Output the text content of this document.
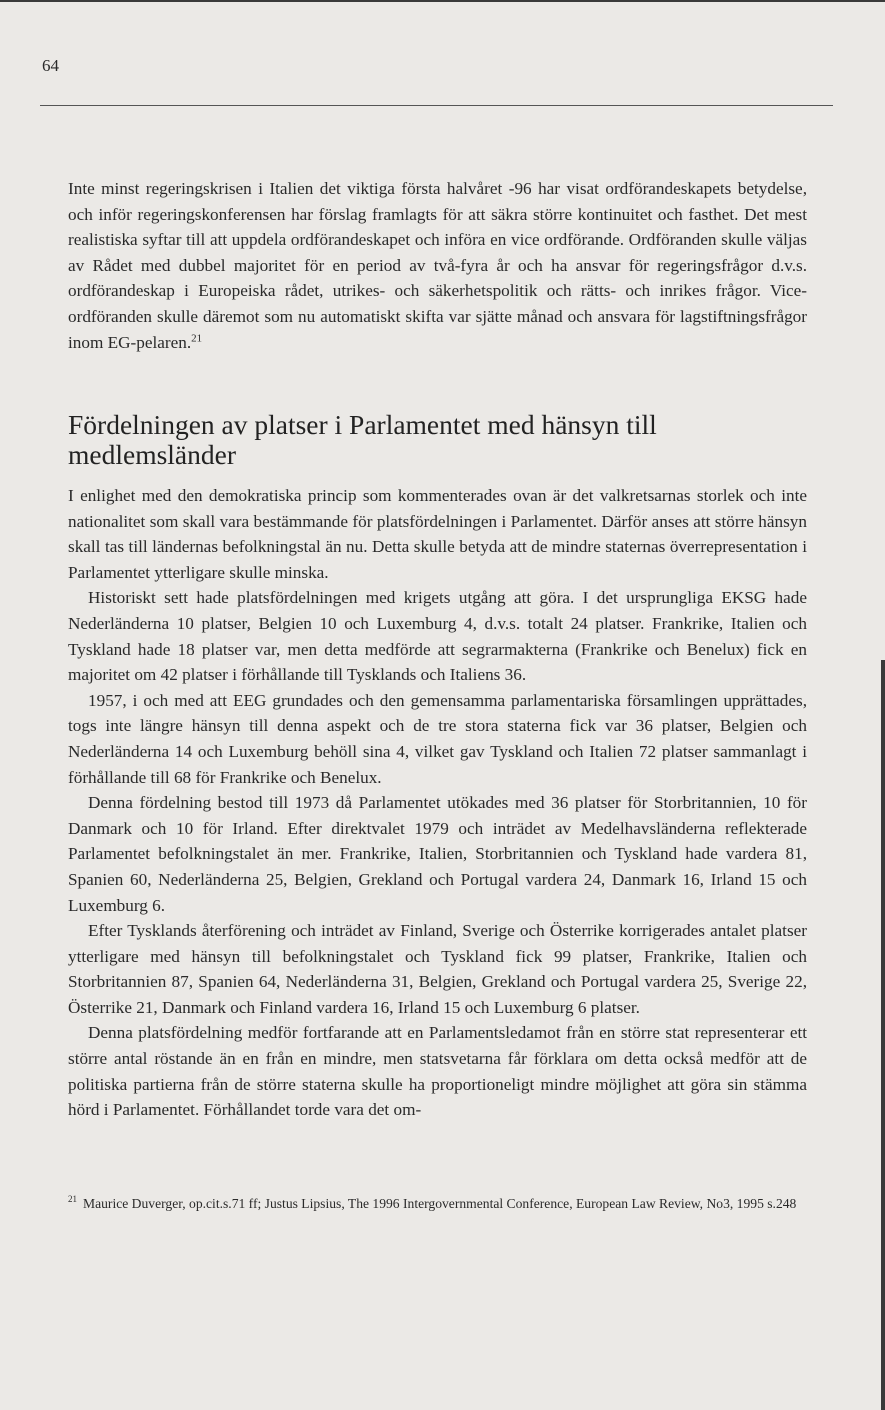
64

Inte minst regeringskrisen i Italien det viktiga första halvåret -96 har visat ordförandeskapets betydelse, och inför regeringskonferensen har förslag framlagts för att säkra större kontinuitet och fasthet. Det mest realistiska syftar till att uppdela ordförandeskapet och införa en vice ordförande. Ordföranden skulle väljas av Rådet med dubbel majoritet för en period av två-fyra år och ha ansvar för regeringsfrågor d.v.s. ordförandeskap i Europeiska rådet, utrikes- och säkerhetspolitik och rätts- och inrikes frågor. Vice-ordföranden skulle däremot som nu automatiskt skifta var sjätte månad och ansvara för lagstiftningsfrågor inom EG-pelaren.$^{21}$

Fördelningen av platser i Parlamentet med hänsyn till medlemsländer

I enlighet med den demokratiska princip som kommenterades ovan är det valkretsarnas storlek och inte nationalitet som skall vara bestämmande för platsfördelningen i Parlamentet. Därför anses att större hänsyn skall tas till ländernas befolkningstal än nu. Detta skulle betyda att de mindre staternas överrepresentation i Parlamentet ytterligare skulle minska.

Historiskt sett hade platsfördelningen med krigets utgång att göra. I det ursprungliga EKSG hade Nederländerna 10 platser, Belgien 10 och Luxemburg 4, d.v.s. totalt 24 platser. Frankrike, Italien och Tyskland hade 18 platser var, men detta medförde att segrarmakterna (Frankrike och Benelux) fick en majoritet om 42 platser i förhållande till Tysklands och Italiens 36.

1957, i och med att EEG grundades och den gemensamma parlamentariska församlingen upprättades, togs inte längre hänsyn till denna aspekt och de tre stora staterna fick var 36 platser, Belgien och Nederländerna 14 och Luxemburg behöll sina 4, vilket gav Tyskland och Italien 72 platser sammanlagt i förhållande till 68 för Frankrike och Benelux.

Denna fördelning bestod till 1973 då Parlamentet utökades med 36 platser för Storbritannien, 10 för Danmark och 10 för Irland. Efter direktvalet 1979 och inträdet av Medelhavsländerna reflekterade Parlamentet befolkningstalet än mer. Frankrike, Italien, Storbritannien och Tyskland hade vardera 81, Spanien 60, Nederländerna 25, Belgien, Grekland och Portugal vardera 24, Danmark 16, Irland 15 och Luxemburg 6.

Efter Tysklands återförening och inträdet av Finland, Sverige och Österrike korrigerades antalet platser ytterligare med hänsyn till befolkningstalet och Tyskland fick 99 platser, Frankrike, Italien och Storbritannien 87, Spanien 64, Nederländerna 31, Belgien, Grekland och Portugal vardera 25, Sverige 22, Österrike 21, Danmark och Finland vardera 16, Irland 15 och Luxemburg 6 platser.

Denna platsfördelning medför fortfarande att en Parlamentsledamot från en större stat representerar ett större antal röstande än en från en mindre, men statsvetarna får förklara om detta också medför att de politiska partierna från de större staterna skulle ha proportioneligt mindre möjlighet att göra sin stämma hörd i Parlamentet. Förhållandet torde vara det om-

$^{21}$ Maurice Duverger, op.cit.s.71 ff; Justus Lipsius, The 1996 Intergovernmental Conference, European Law Review, No3, 1995 s.248
